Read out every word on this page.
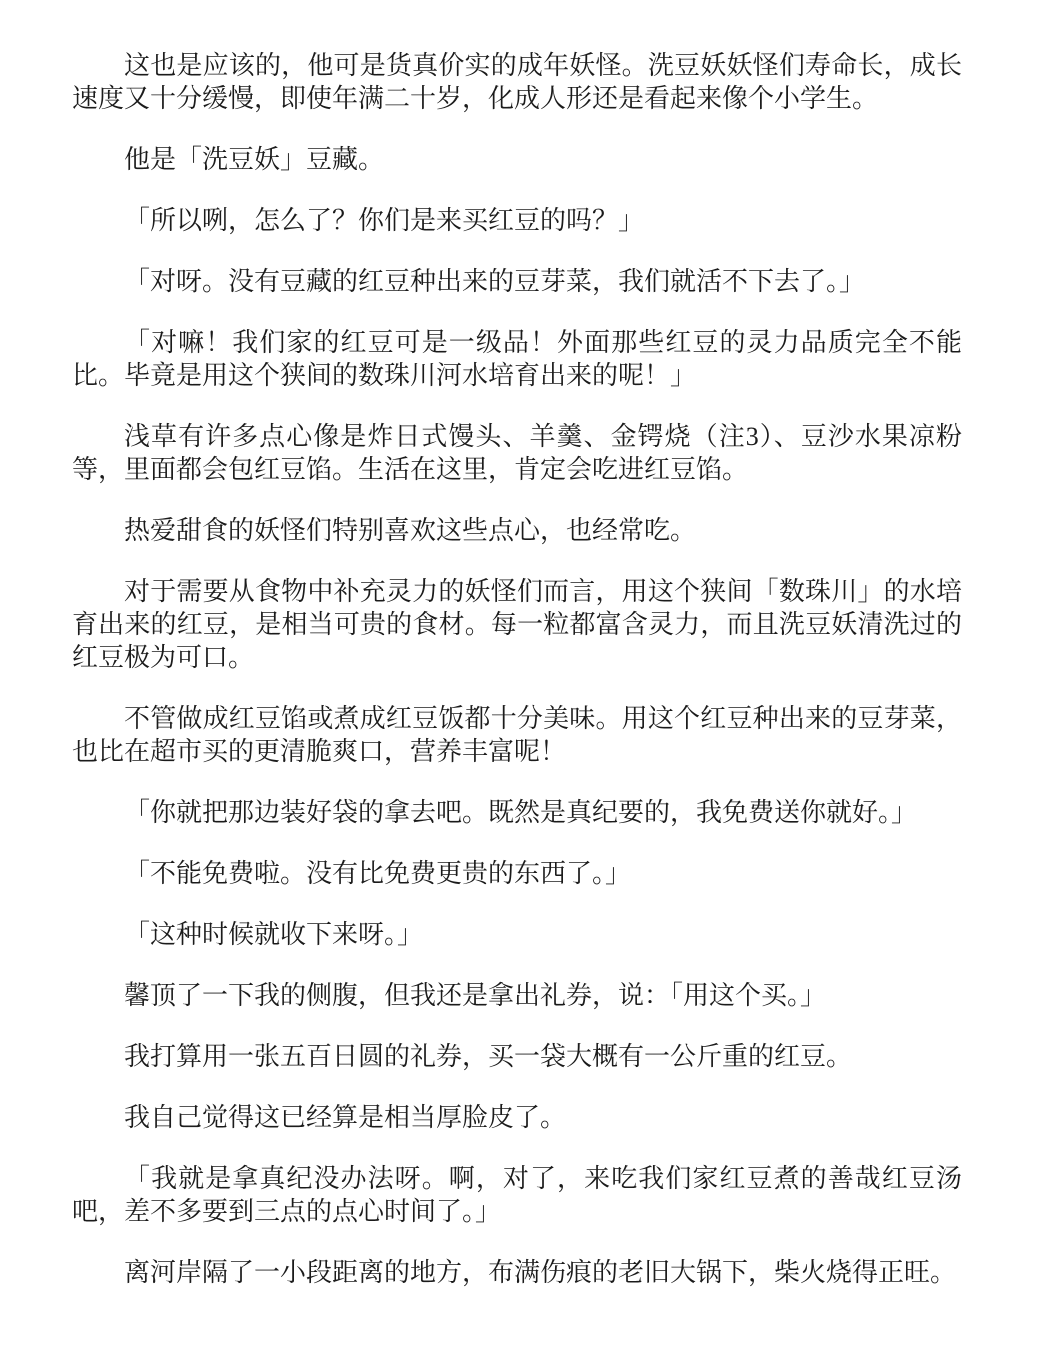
这也是应该的，他可是货真价实的成年妖怪。洗豆妖妖怪们寿命长，成长速度又十分缓慢，即使年满二十岁，化成人形还是看起来像个小学生。

他是「洗豆妖」豆藏。

「所以咧，怎么了？你们是来买红豆的吗？」

「对呀。没有豆藏的红豆种出来的豆芽菜，我们就活不下去了。」

「对嘛！我们家的红豆可是一级品！外面那些红豆的灵力品质完全不能比。毕竟是用这个狭间的数珠川河水培育出来的呢！」

浅草有许多点心像是炸日式馒头、羊羹、金锷烧（注3）、豆沙水果凉粉等，里面都会包红豆馅。生活在这里，肯定会吃进红豆馅。

热爱甜食的妖怪们特别喜欢这些点心，也经常吃。

对于需要从食物中补充灵力的妖怪们而言，用这个狭间「数珠川」的水培育出来的红豆，是相当可贵的食材。每一粒都富含灵力，而且洗豆妖清洗过的红豆极为可口。

不管做成红豆馅或煮成红豆饭都十分美味。用这个红豆种出来的豆芽菜，也比在超市买的更清脆爽口，营养丰富呢！

「你就把那边装好袋的拿去吧。既然是真纪要的，我免费送你就好。」

「不能免费啦。没有比免费更贵的东西了。」

「这种时候就收下来呀。」

馨顶了一下我的侧腹，但我还是拿出礼券，说：「用这个买。」

我打算用一张五百日圆的礼券，买一袋大概有一公斤重的红豆。

我自己觉得这已经算是相当厚脸皮了。

「我就是拿真纪没办法呀。啊，对了，来吃我们家红豆煮的善哉红豆汤吧，差不多要到三点的点心时间了。」

离河岸隔了一小段距离的地方，布满伤痕的老旧大锅下，柴火烧得正旺。
